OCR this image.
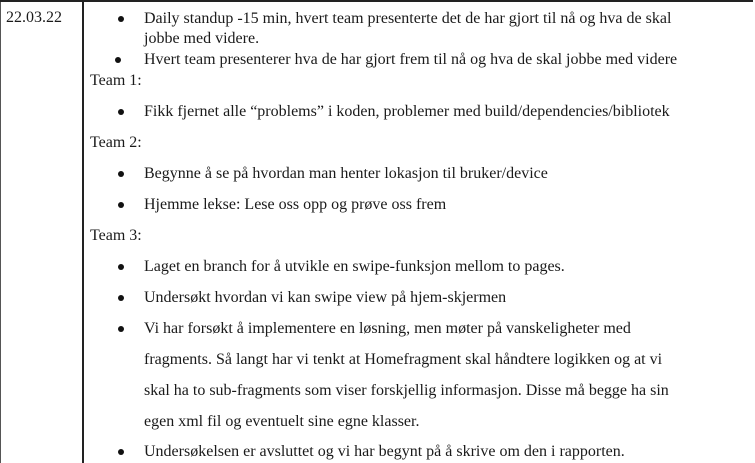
22.03.22	Daily standup -15 min, hvert team presenterte det de har gjort til nå og hva de skal
jobbe med videre.
Hvert team presenterer hva de har gjort frem til nå og hva de skal jobbe med videre
Team 1:
Fikk fjernet alle “problems” i koden, problemer med build/dependencies/bibliotek
Team 2:
Begynne å se på hvordan man henter lokasjon til bruker/device
Hjemme lekse: Lese oss opp og prøve oss frem
Team 3:
Laget en branch for å utvikle en swipe-funksjon mellom to pages.
Undersøkt hvordan vi kan swipe view på hjem-skjermen
Vi har forsøkt å implementere en løsning, men møter på vanskeligheter med
fragments. Så langt har vi tenkt at Homefragment skal håndtere logikken og at vi
skal ha to sub-fragments som viser forskjellig informasjon. Disse må begge ha sin
egen xml fil og eventuelt sine egne klasser.
Undersøkelsen er avsluttet og vi har begynt på å skrive om den i rapporten.
